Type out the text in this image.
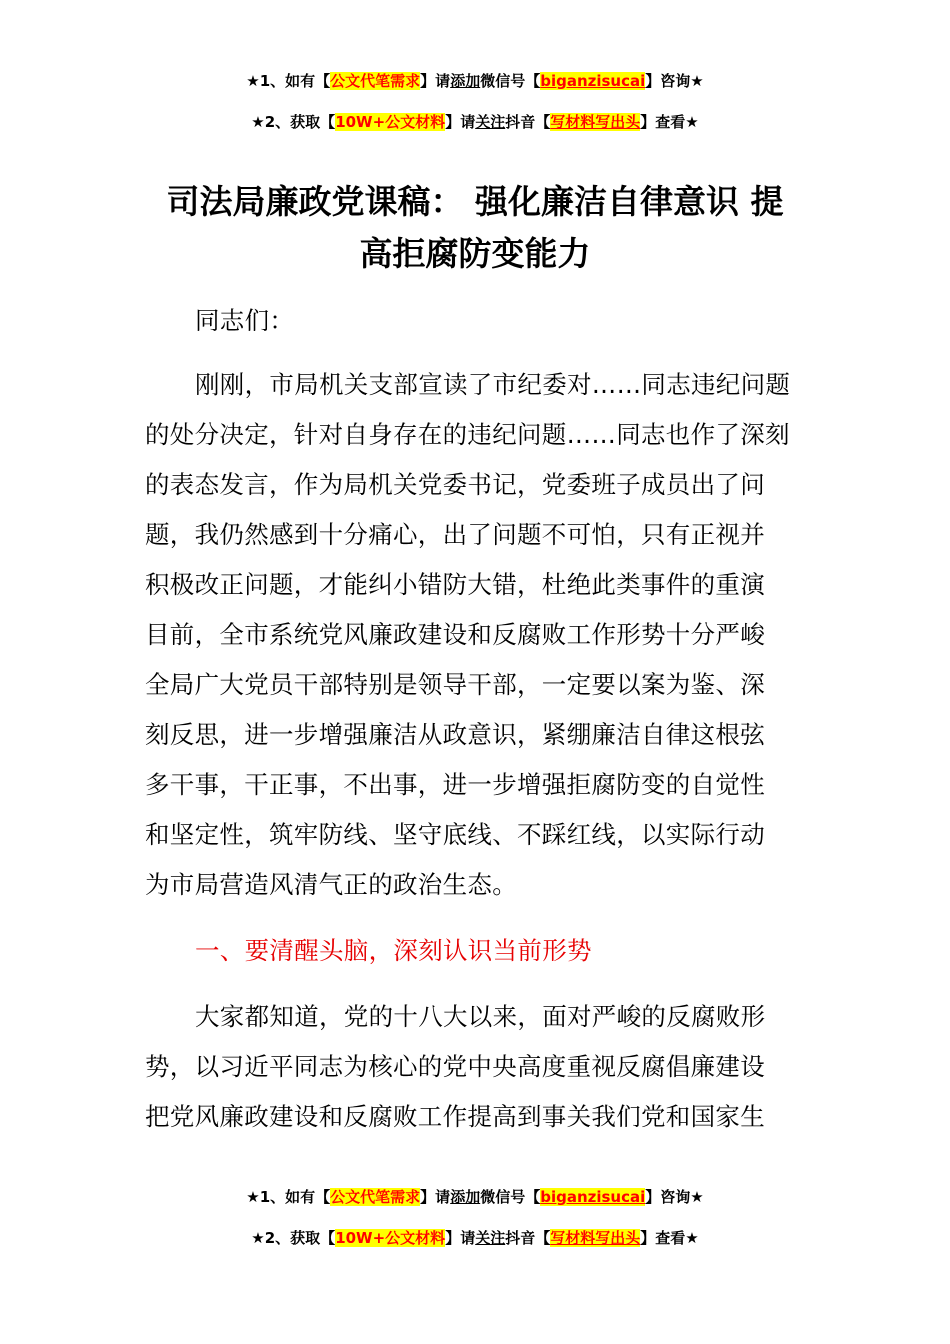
★1、如有【公文代笔需求】请添加微信号【biganzisucai】咨询★
★2、获取【10W+公文材料】请关注抖音【写材料写出头】查看★
司法局廉政党课稿： 强化廉洁自律意识 提
高拒腐防变能力
同志们：
刚刚，市局机关支部宣读了市纪委对……同志违纪问题
的处分决定，针对自身存在的违纪问题……同志也作了深刻
的表态发言，作为局机关党委书记，党委班子成员出了问
题，我仍然感到十分痛心，出了问题不可怕，只有正视并
积极改正问题，才能纠小错防大错，杜绝此类事件的重演
目前，全市系统党风廉政建设和反腐败工作形势十分严峻
全局广大党员干部特别是领导干部，一定要以案为鉴、深
刻反思，进一步增强廉洁从政意识，紧绷廉洁自律这根弦
多干事，干正事，不出事，进一步增强拒腐防变的自觉性
和坚定性，筑牢防线、坚守底线、不踩红线，以实际行动
为市局营造风清气正的政治生态。
一、要清醒头脑，深刻认识当前形势
大家都知道，党的十八大以来，面对严峻的反腐败形
势，以习近平同志为核心的党中央高度重视反腐倡廉建设
把党风廉政建设和反腐败工作提高到事关我们党和国家生
★1、如有【公文代笔需求】请添加微信号【biganzisucai】咨询★
★2、获取【10W+公文材料】请关注抖音【写材料写出头】查看★
